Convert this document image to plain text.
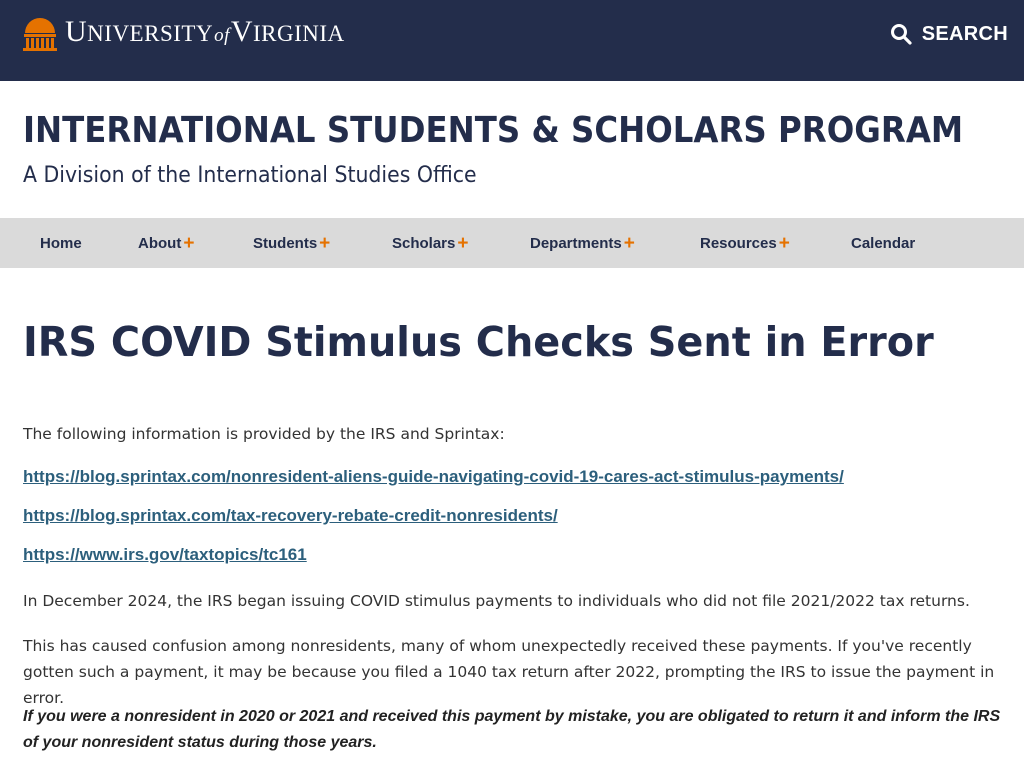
UNIVERSITYofVIRGINIA	SEARCH
INTERNATIONAL STUDENTS & SCHOLARS PROGRAM
A Division of the International Studies Office
Home	About +	Students +	Scholars +	Departments +	Resources +	Calendar
IRS COVID Stimulus Checks Sent in Error

The following information is provided by the IRS and Sprintax:

https://blog.sprintax.com/nonresident-aliens-guide-navigating-covid-19-cares-act-stimulus-payments/
https://blog.sprintax.com/tax-recovery-rebate-credit-nonresidents/
https://www.irs.gov/taxtopics/tc161

In December 2024, the IRS began issuing COVID stimulus payments to individuals who did not file 2021/2022 tax returns.

This has caused confusion among nonresidents, many of whom unexpectedly received these payments. If you've recently gotten such a payment, it may be because you filed a 1040 tax return after 2022, prompting the IRS to issue the payment in error.

If you were a nonresident in 2020 or 2021 and received this payment by mistake, you are obligated to return it and inform the IRS of your nonresident status during those years.
